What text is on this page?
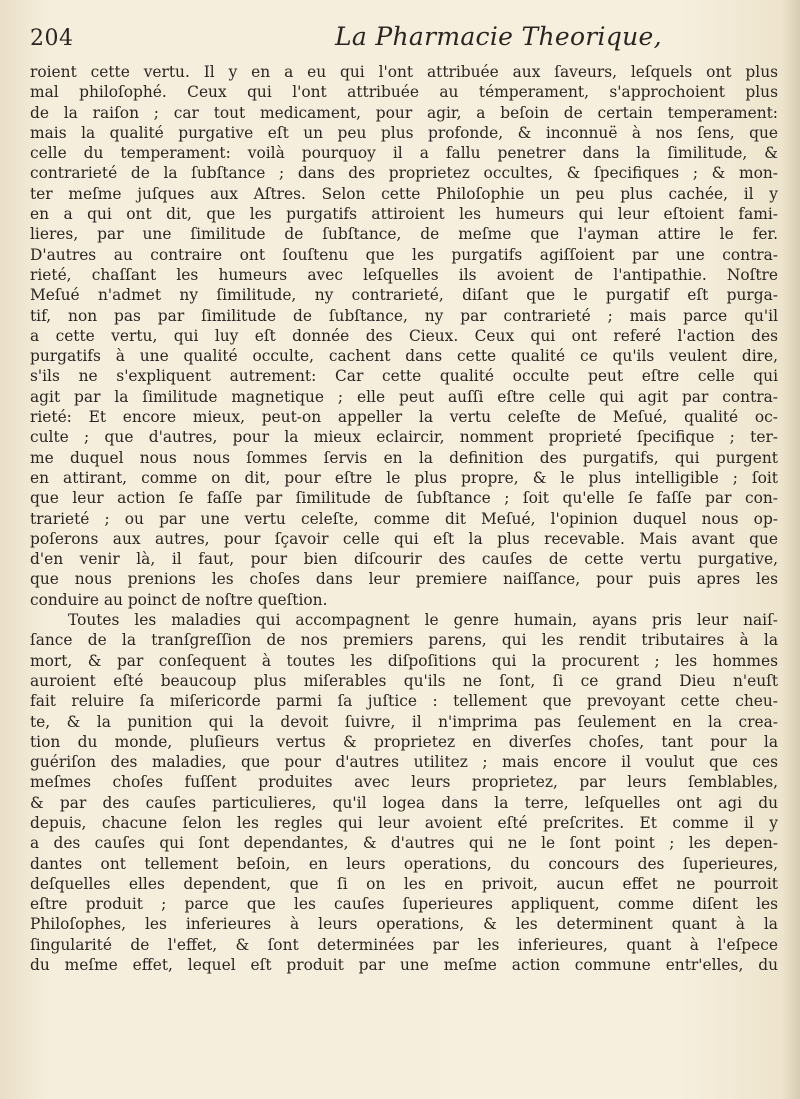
204	La Pharmacie Theorique,
roient cette vertu. Il y en a eu qui l'ont attribuée aux ſaveurs, leſquels ont plus
mal philoſophé. Ceux qui l'ont attribuée au témperament, s'approchoient plus
de la raiſon ; car tout medicament, pour agir, a beſoin de certain temperament:
mais la qualité purgative eſt un peu plus profonde, & inconnuë à nos ſens, que
celle du temperament: voilà pourquoy il a fallu penetrer dans la ſimilitude, &
contrarieté de la ſubſtance ; dans des proprietez occultes, & ſpecifiques ; & mon-
ter meſme juſques aux Aſtres. Selon cette Philoſophie un peu plus cachée, il y
en a qui ont dit, que les purgatifs attiroient les humeurs qui leur eſtoient fami-
lieres, par une ſimilitude de ſubſtance, de meſme que l'ayman attire le fer.
D'autres au contraire ont ſouſtenu que les purgatifs agiſſoient par une contra-
rieté, chaſſant les humeurs avec leſquelles ils avoient de l'antipathie. Noſtre
Meſué n'admet ny ſimilitude, ny contrarieté, diſant que le purgatif eſt purga-
tif, non pas par ſimilitude de ſubſtance, ny par contrarieté ; mais parce qu'il
a cette vertu, qui luy eſt donnée des Cieux. Ceux qui ont referé l'action des
purgatifs à une qualité occulte, cachent dans cette qualité ce qu'ils veulent dire,
s'ils ne s'expliquent autrement: Car cette qualité occulte peut eſtre celle qui
agit par la ſimilitude magnetique ; elle peut auſſi eſtre celle qui agit par contra-
rieté: Et encore mieux, peut-on appeller la vertu celeſte de Meſué, qualité oc-
culte ; que d'autres, pour la mieux eclaircir, nomment proprieté ſpecifique ; ter-
me duquel nous nous ſommes ſervis en la definition des purgatifs, qui purgent
en attirant, comme on dit, pour eſtre le plus propre, & le plus intelligible ; ſoit
que leur action ſe faſſe par ſimilitude de ſubſtance ; ſoit qu'elle ſe faſſe par con-
trarieté ; ou par une vertu celeſte, comme dit Meſué, l'opinion duquel nous op-
poſerons aux autres, pour ſçavoir celle qui eſt la plus recevable. Mais avant que
d'en venir là, il faut, pour bien diſcourir des cauſes de cette vertu purgative,
que nous prenions les choſes dans leur premiere naiſſance, pour puis apres les
conduire au poinct de noſtre queſtion.
Toutes les maladies qui accompagnent le genre humain, ayans pris leur naiſ-
ſance de la tranſgreſſion de nos premiers parens, qui les rendit tributaires à la
mort, & par conſequent à toutes les diſpoſitions qui la procurent ; les hommes
auroient eſté beaucoup plus miſerables qu'ils ne ſont, ſi ce grand Dieu n'euſt
fait reluire ſa miſericorde parmi ſa juſtice : tellement que prevoyant cette cheu-
te, & la punition qui la devoit ſuivre, il n'imprima pas ſeulement en la crea-
tion du monde, pluſieurs vertus & proprietez en diverſes choſes, tant pour la
guériſon des maladies, que pour d'autres utilitez ; mais encore il voulut que ces
meſmes choſes fuſſent produites avec leurs proprietez, par leurs ſemblables,
& par des cauſes particulieres, qu'il logea dans la terre, leſquelles ont agi du
depuis, chacune ſelon les regles qui leur avoient eſté preſcrites. Et comme il y
a des cauſes qui ſont dependantes, & d'autres qui ne le ſont point ; les depen-
dantes ont tellement beſoin, en leurs operations, du concours des ſuperieures,
deſquelles elles dependent, que ſi on les en privoit, aucun effet ne pourroit
eſtre produit ; parce que les cauſes ſuperieures appliquent, comme diſent les
Philoſophes, les inferieures à leurs operations, & les determinent quant à la
ſingularité de l'effet, & ſont determinées par les inferieures, quant à l'eſpece
du meſme effet, lequel eſt produit par une meſme action commune entr'elles, du
